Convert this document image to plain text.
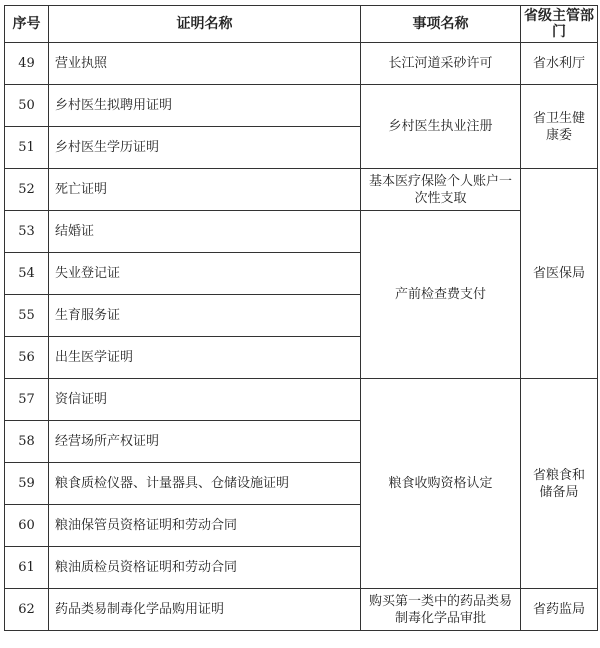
序号	证明名称	事项名称	省级主管部门
49	营业执照	长江河道采砂许可	省水利厅
50	乡村医生拟聘用证明	乡村医生执业注册	省卫生健康委
51	乡村医生学历证明		
52	死亡证明	基本医疗保险个人账户一次性支取	省医保局
53	结婚证	产前检查费支付	
54	失业登记证		
55	生育服务证		
56	出生医学证明		
57	资信证明	粮食收购资格认定	省粮食和储备局
58	经营场所产权证明		
59	粮食质检仪器、计量器具、仓储设施证明		
60	粮油保管员资格证明和劳动合同		
61	粮油质检员资格证明和劳动合同		
62	药品类易制毒化学品购用证明	购买第一类中的药品类易制毒化学品审批	省药监局
